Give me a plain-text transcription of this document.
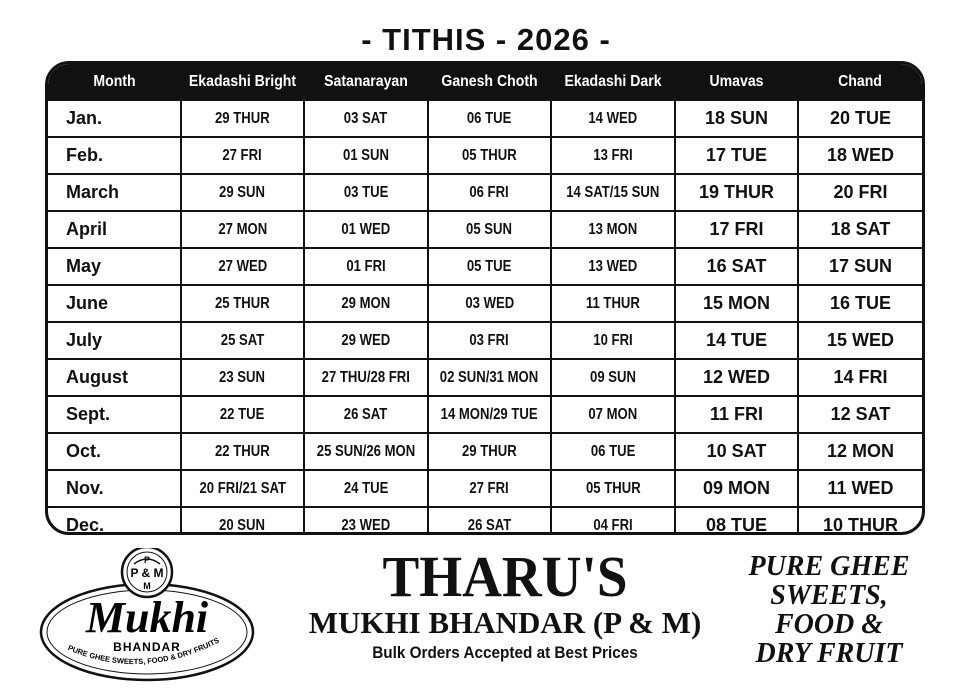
- TITHIS - 2026 -
Month	Ekadashi Bright	Satanarayan	Ganesh Choth	Ekadashi Dark	Umavas	Chand
Jan.	29 THUR	03 SAT	06 TUE	14 WED	18 SUN	20 TUE
Feb.	27 FRI	01 SUN	05 THUR	13 FRI	17 TUE	18 WED
March	29 SUN	03 TUE	06 FRI	14 SAT/15 SUN	19 THUR	20 FRI
April	27 MON	01 WED	05 SUN	13 MON	17 FRI	18 SAT
May	27 WED	01 FRI	05 TUE	13 WED	16 SAT	17 SUN
June	25 THUR	29 MON	03 WED	11 THUR	15 MON	16 TUE
July	25 SAT	29 WED	03 FRI	10 FRI	14 TUE	15 WED
August	23 SUN	27 THU/28 FRI	02 SUN/31 MON	09 SUN	12 WED	14 FRI
Sept.	22 TUE	26 SAT	14 MON/29 TUE	07 MON	11 FRI	12 SAT
Oct.	22 THUR	25 SUN/26 MON	29 THUR	06 TUE	10 SAT	12 MON
Nov.	20 FRI/21 SAT	24 TUE	27 FRI	05 THUR	09 MON	11 WED
Dec.	20 SUN	23 WED	26 SAT	04 FRI	08 TUE	10 THUR
P
P & M
M
Mukhi
BHANDAR
PURE GHEE SWEETS, FOOD & DRY FRUITS
THARU'S
MUKHI BHANDAR (P & M)
Bulk Orders Accepted at Best Prices
PURE GHEE
SWEETS,
FOOD &
DRY FRUIT
